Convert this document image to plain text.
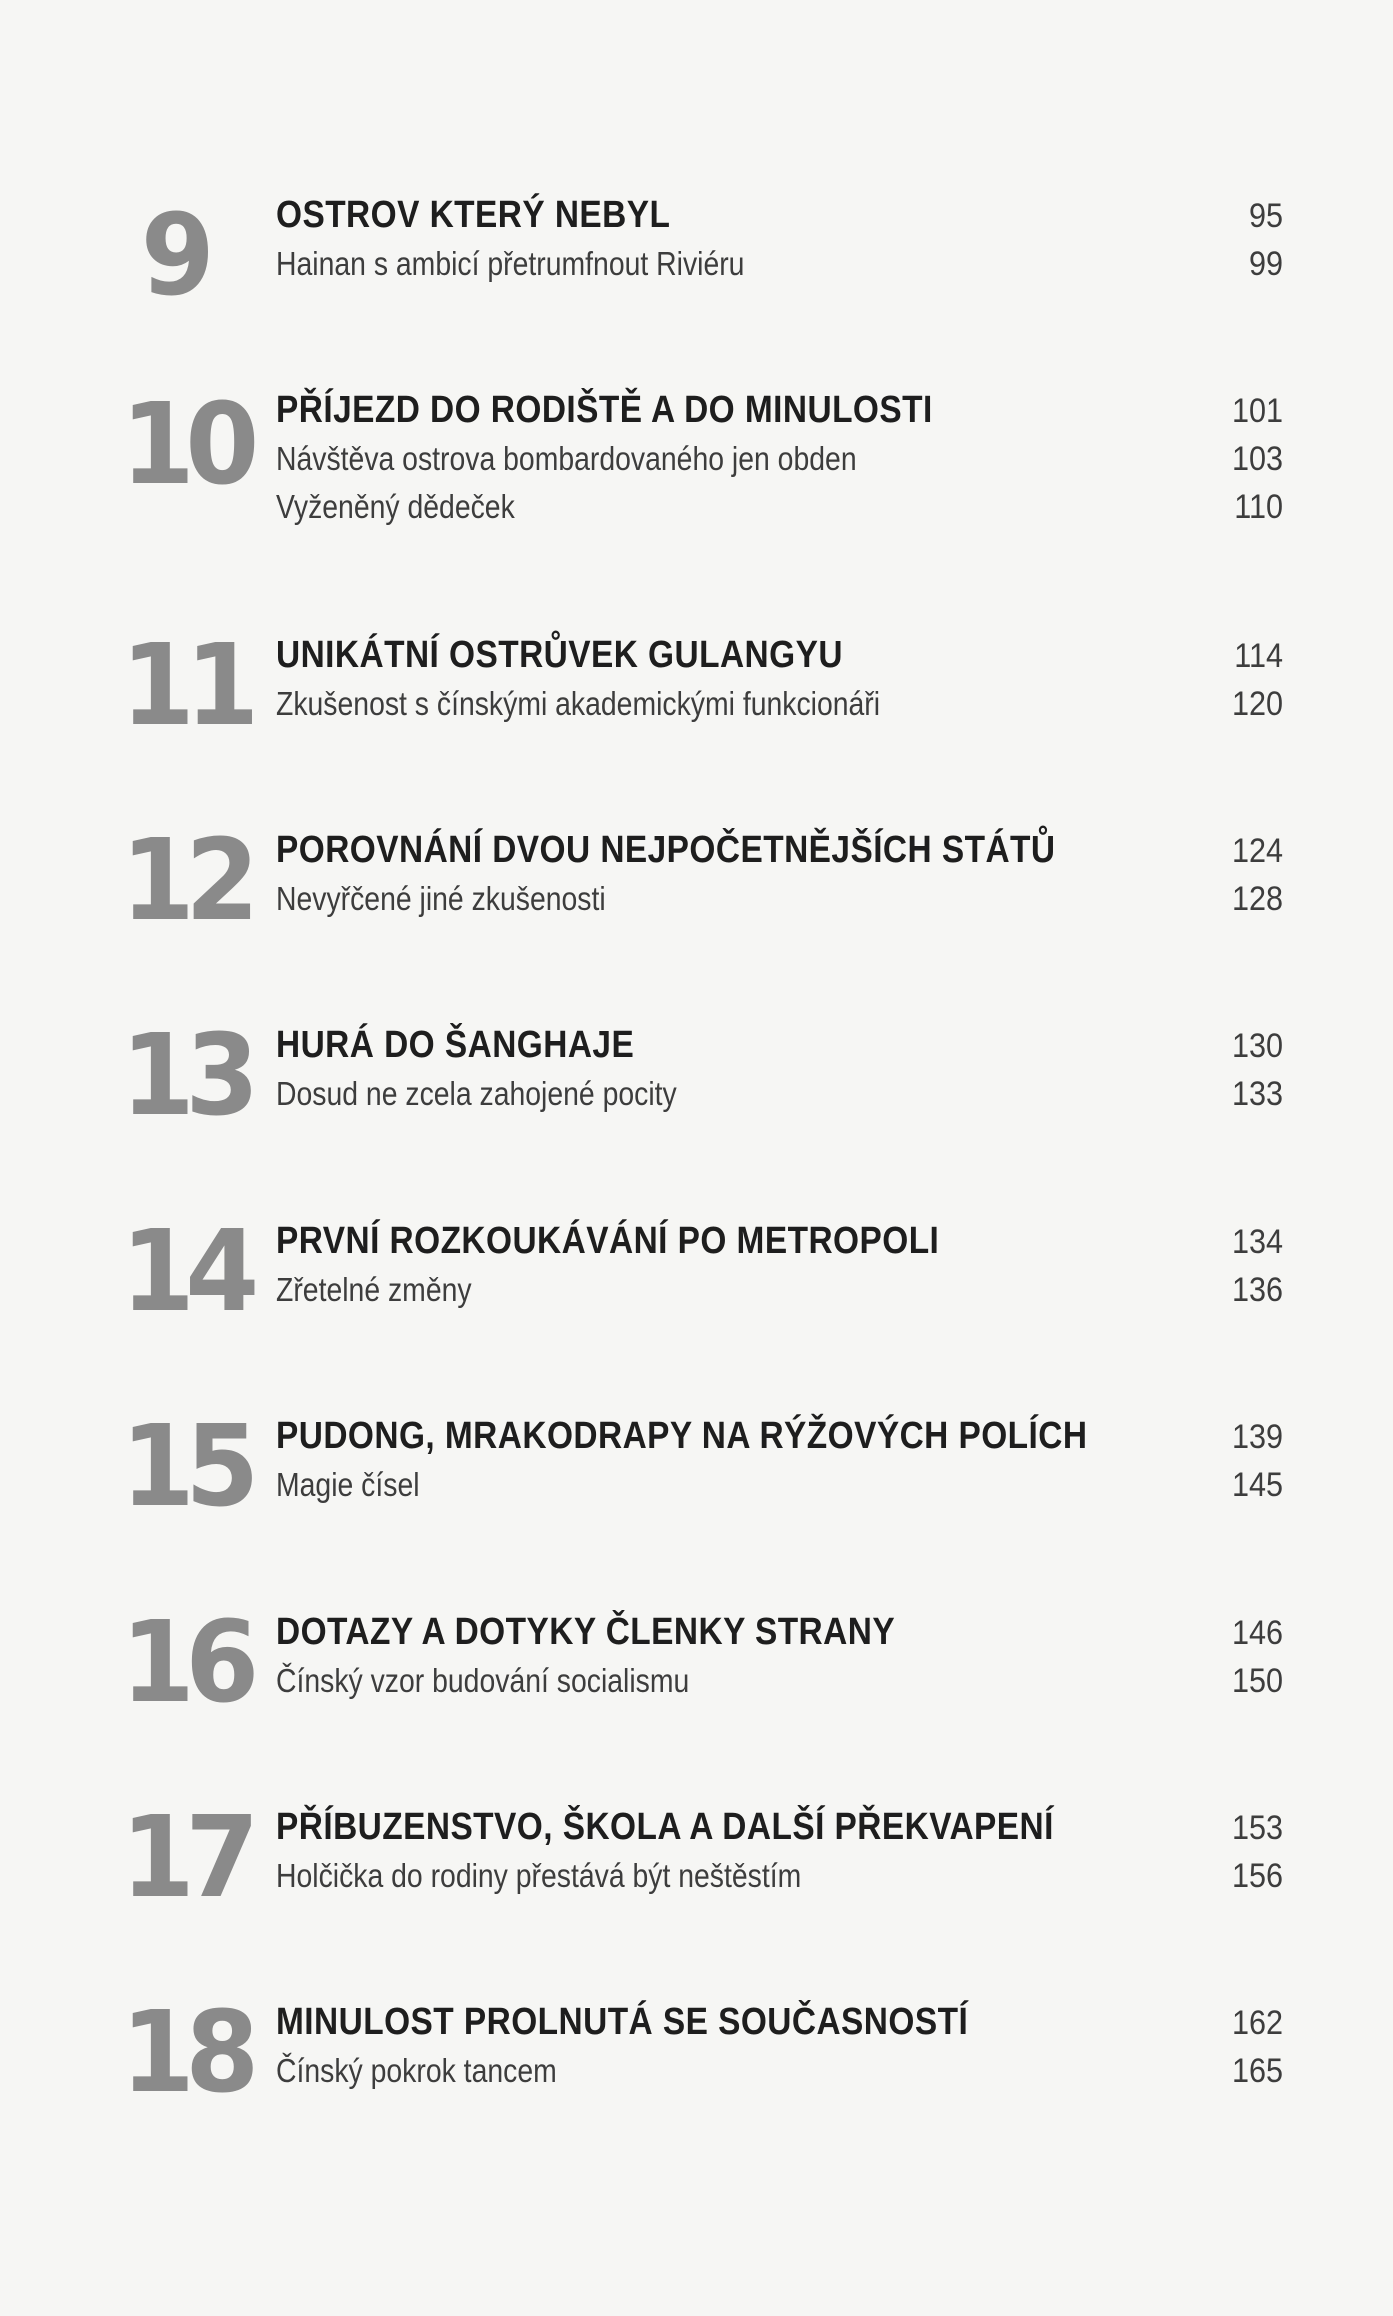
9	OSTROV KTERÝ NEBYL	95
Hainan s ambicí přetrumfnout Riviéru	99
10 PŘÍJEZD DO RODIŠTĚ A DO MINULOSTI	101
Návštěva ostrova bombardovaného jen obden	103
Vyženěný dědeček	110
11 UNIKÁTNÍ OSTRŮVEK GULANGYU	114
Zkušenost s čínskými akademickými funkcionáři	120
12 POROVNÁNÍ DVOU NEJPOČETNĚJŠÍCH STÁTŮ	124
Nevyřčené jiné zkušenosti	128
13 HURÁ DO ŠANGHAJE	130
Dosud ne zcela zahojené pocity	133
14 PRVNÍ ROZKOUKÁVÁNÍ PO METROPOLI	134
Zřetelné změny	136
15 PUDONG, MRAKODRAPY NA RÝŽOVÝCH POLÍCH	139
Magie čísel	145
16 DOTAZY A DOTYKY ČLENKY STRANY	146
Čínský vzor budování socialismu	150
17 PŘÍBUZENSTVO, ŠKOLA A DALŠÍ PŘEKVAPENÍ	153
Holčička do rodiny přestává být neštěstím	156
18 MINULOST PROLNUTÁ SE SOUČASNOSTÍ	162
Čínský pokrok tancem	165
